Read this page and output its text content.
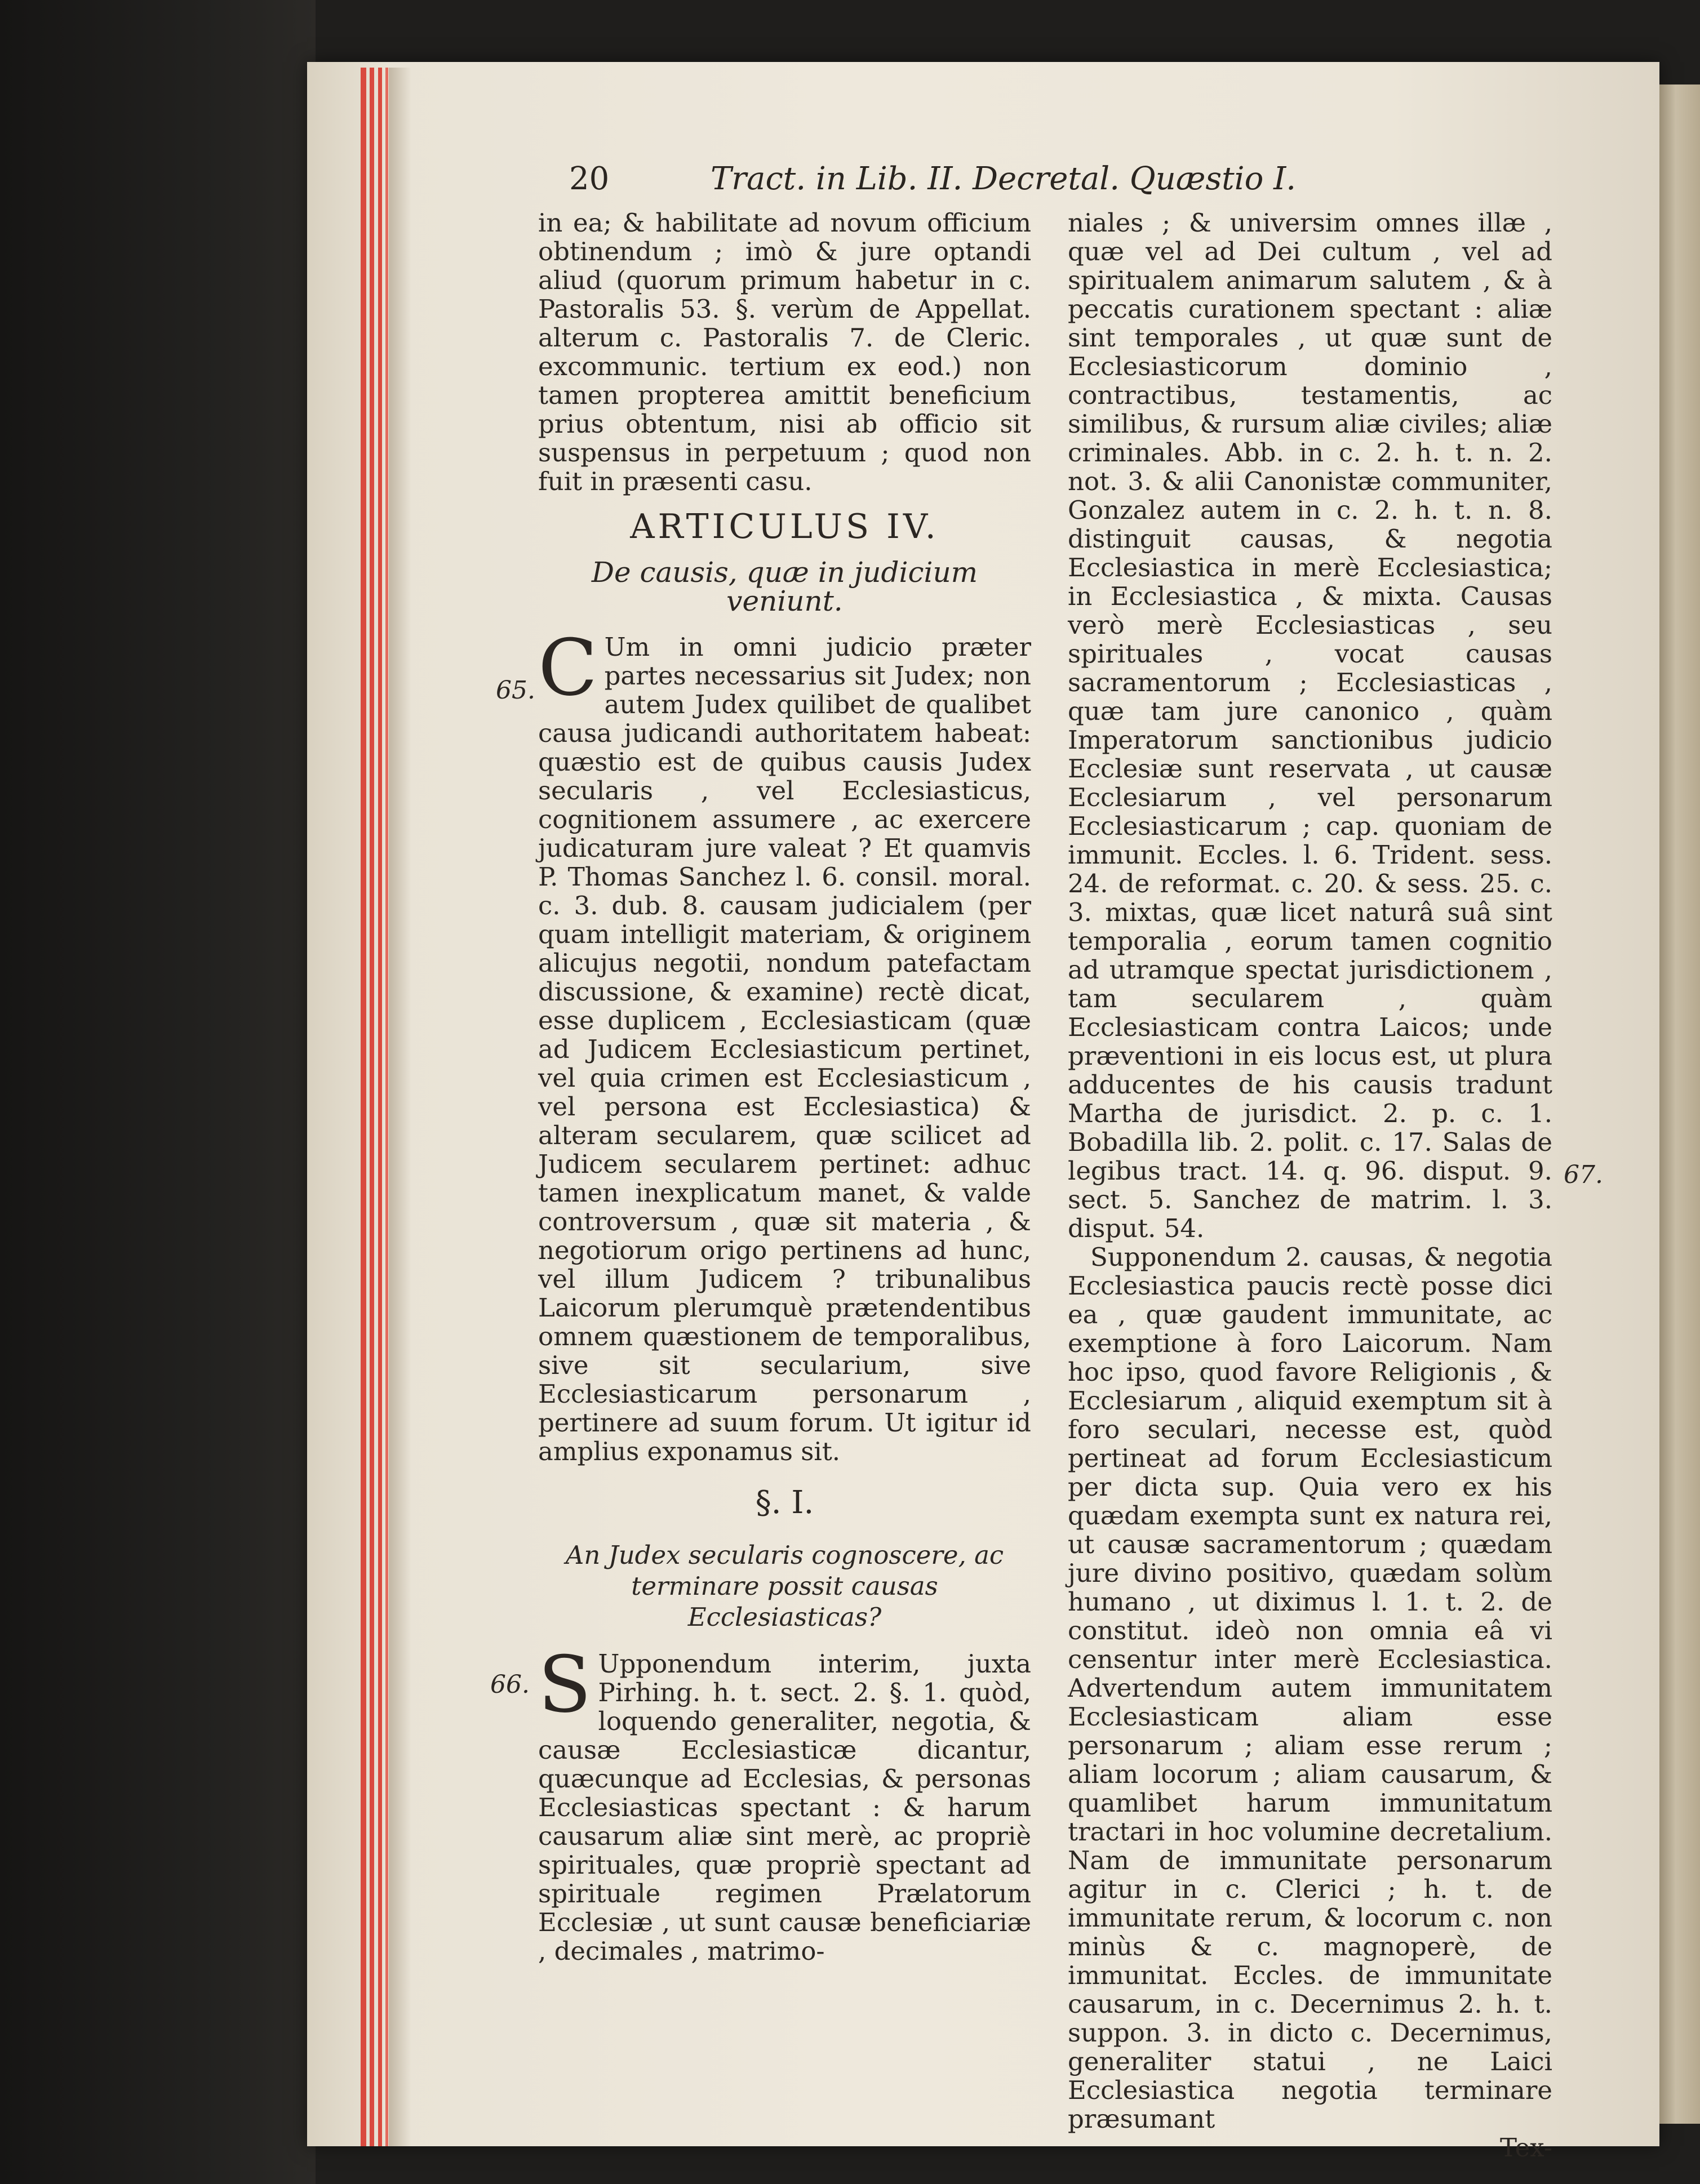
20	Tract. in Lib. II. Decretal. Quæstio I.

in ea; & habilitate ad novum officium obtinendum ; imò & jure optandi aliud (quorum primum habetur in c. Pastoralis 53. §. verùm de Appellat. alterum c. Pastoralis 7. de Cleric. excommunic. tertium ex eod.) non tamen propterea amittit beneficium prius obtentum, nisi ab officio sit suspensus in perpetuum ; quod non fuit in præsenti casu.

ARTICULUS IV.
De causis, quæ in judicium veniunt.

C Um in omni judicio præter partes necessarius sit Judex; non autem Judex quilibet de qualibet causa judicandi authoritatem habeat: quæstio est de quibus causis Judex secularis , vel Ecclesiasticus, cognitionem assumere , ac exercere judicaturam jure valeat ? Et quamvis P. Thomas Sanchez l. 6. consil. moral. c. 3. dub. 8. causam judicialem (per quam intelligit materiam, & originem alicujus negotii, nondum patefactam discussione, & examine) rectè dicat, esse duplicem , Ecclesiasticam (quæ ad Judicem Ecclesiasticum pertinet, vel quia crimen est Ecclesiasticum , vel persona est Ecclesiastica) & alteram secularem, quæ scilicet ad Judicem secularem pertinet: adhuc tamen inexplicatum manet, & valde controversum , quæ sit materia , & negotiorum origo pertinens ad hunc, vel illum Judicem ? tribunalibus Laicorum plerumquè prætendentibus omnem quæstionem de temporalibus, sive sit secularium, sive Ecclesiasticarum personarum , pertinere ad suum forum. Ut igitur id amplius exponamus sit.

§. I.
An Judex secularis cognoscere, ac terminare possit causas Ecclesiasticas?

S Upponendum interim, juxta Pirhing. h. t. sect. 2. §. 1. quòd, loquendo generaliter, negotia, & causæ Ecclesiasticæ dicantur, quæcunque ad Ecclesias, & personas Ecclesiasticas spectant : & harum causarum aliæ sint merè, ac propriè spirituales, quæ propriè spectant ad spirituale regimen Prælatorum Ecclesiæ , ut sunt causæ beneficiariæ , decimales , matrimo-

niales ; & universim omnes illæ , quæ vel ad Dei cultum , vel ad spiritualem animarum salutem , & à peccatis curationem spectant : aliæ sint temporales , ut quæ sunt de Ecclesiasticorum dominio , contractibus, testamentis, ac similibus, & rursum aliæ civiles; aliæ criminales. Abb. in c. 2. h. t. n. 2. not. 3. & alii Canonistæ communiter, Gonzalez autem in c. 2. h. t. n. 8. distinguit causas, & negotia Ecclesiastica in merè Ecclesiastica; in Ecclesiastica , & mixta. Causas verò merè Ecclesiasticas , seu spirituales , vocat causas sacramentorum ; Ecclesiasticas , quæ tam jure canonico , quàm Imperatorum sanctionibus judicio Ecclesiæ sunt reservata , ut causæ Ecclesiarum , vel personarum Ecclesiasticarum ; cap. quoniam de immunit. Eccles. l. 6. Trident. sess. 24. de reformat. c. 20. & sess. 25. c. 3. mixtas, quæ licet naturâ suâ sint temporalia , eorum tamen cognitio ad utramque spectat jurisdictionem , tam secularem , quàm Ecclesiasticam contra Laicos; unde præventioni in eis locus est, ut plura adducentes de his causis tradunt Martha de jurisdict. 2. p. c. 1. Bobadilla lib. 2. polit. c. 17. Salas de legibus tract. 14. q. 96. disput. 9. sect. 5. Sanchez de matrim. l. 3. disput. 54.

Supponendum 2. causas, & negotia Ecclesiastica paucis rectè posse dici ea , quæ gaudent immunitate, ac exemptione à foro Laicorum. Nam hoc ipso, quod favore Religionis , & Ecclesiarum , aliquid exemptum sit à foro seculari, necesse est, quòd pertineat ad forum Ecclesiasticum per dicta sup. Quia vero ex his quædam exempta sunt ex natura rei, ut causæ sacramentorum ; quædam jure divino positivo, quædam solùm humano , ut diximus l. 1. t. 2. de constitut. ideò non omnia eâ vi censentur inter merè Ecclesiastica. Advertendum autem immunitatem Ecclesiasticam aliam esse personarum ; aliam esse rerum ; aliam locorum ; aliam causarum, & quamlibet harum immunitatum tractari in hoc volumine decretalium. Nam de immunitate personarum agitur in c. Clerici ; h. t. de immunitate rerum, & locorum c. non minùs & c. magnoperè, de immunitat. Eccles. de immunitate causarum, in c. Decernimus 2. h. t. suppon. 3. in dicto c. Decernimus, generaliter statui , ne Laici Ecclesiastica negotia terminare præsumant

Tex-

65.
66.
67.
